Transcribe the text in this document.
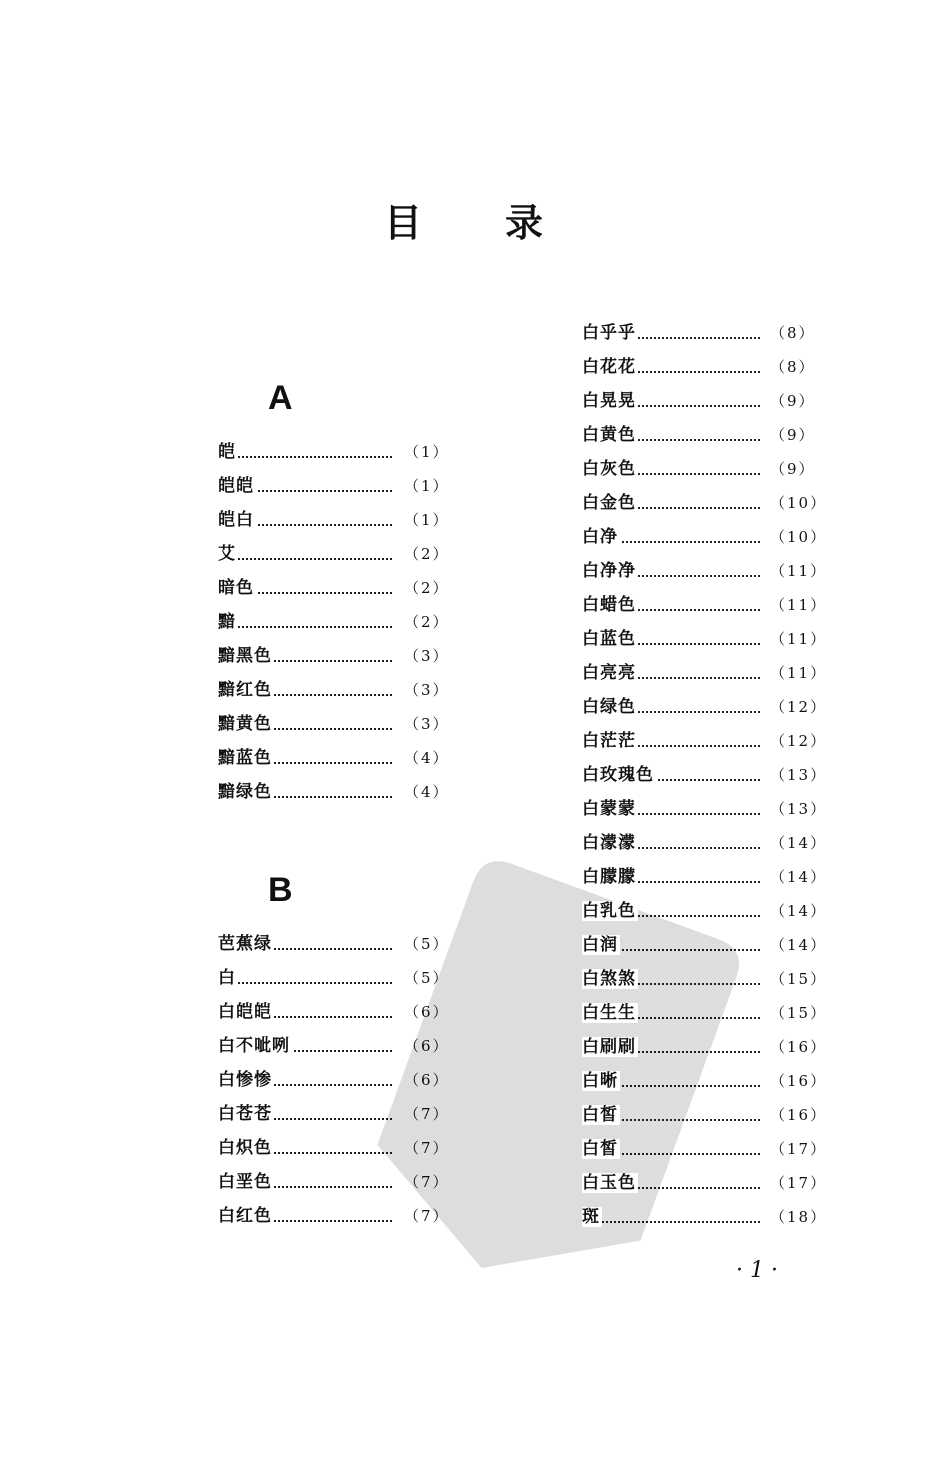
目 录
A
皑	（1）
皑皑	（1）
皑白	（1）
艾	（2）
暗色	（2）
黯	（2）
黯黑色	（3）
黯红色	（3）
黯黄色	（3）
黯蓝色	（4）
黯绿色	（4）
B
芭蕉绿	（5）
白	（5）
白皑皑	（6）
白不呲咧	（6）
白惨惨	（6）
白苍苍	（7）
白炽色	（7）
白垩色	（7）
白红色	（7）
白乎乎	（8）
白花花	（8）
白晃晃	（9）
白黄色	（9）
白灰色	（9）
白金色	（10）
白净	（10）
白净净	（11）
白蜡色	（11）
白蓝色	（11）
白亮亮	（11）
白绿色	（12）
白茫茫	（12）
白玫瑰色	（13）
白蒙蒙	（13）
白濛濛	（14）
白朦朦	（14）
白乳色	（14）
白润	（14）
白煞煞	（15）
白生生	（15）
白刷刷	（16）
白晰	（16）
白皙	（16）
白皙	（17）
白玉色	（17）
斑	（18）
PDG
· 1 ·
